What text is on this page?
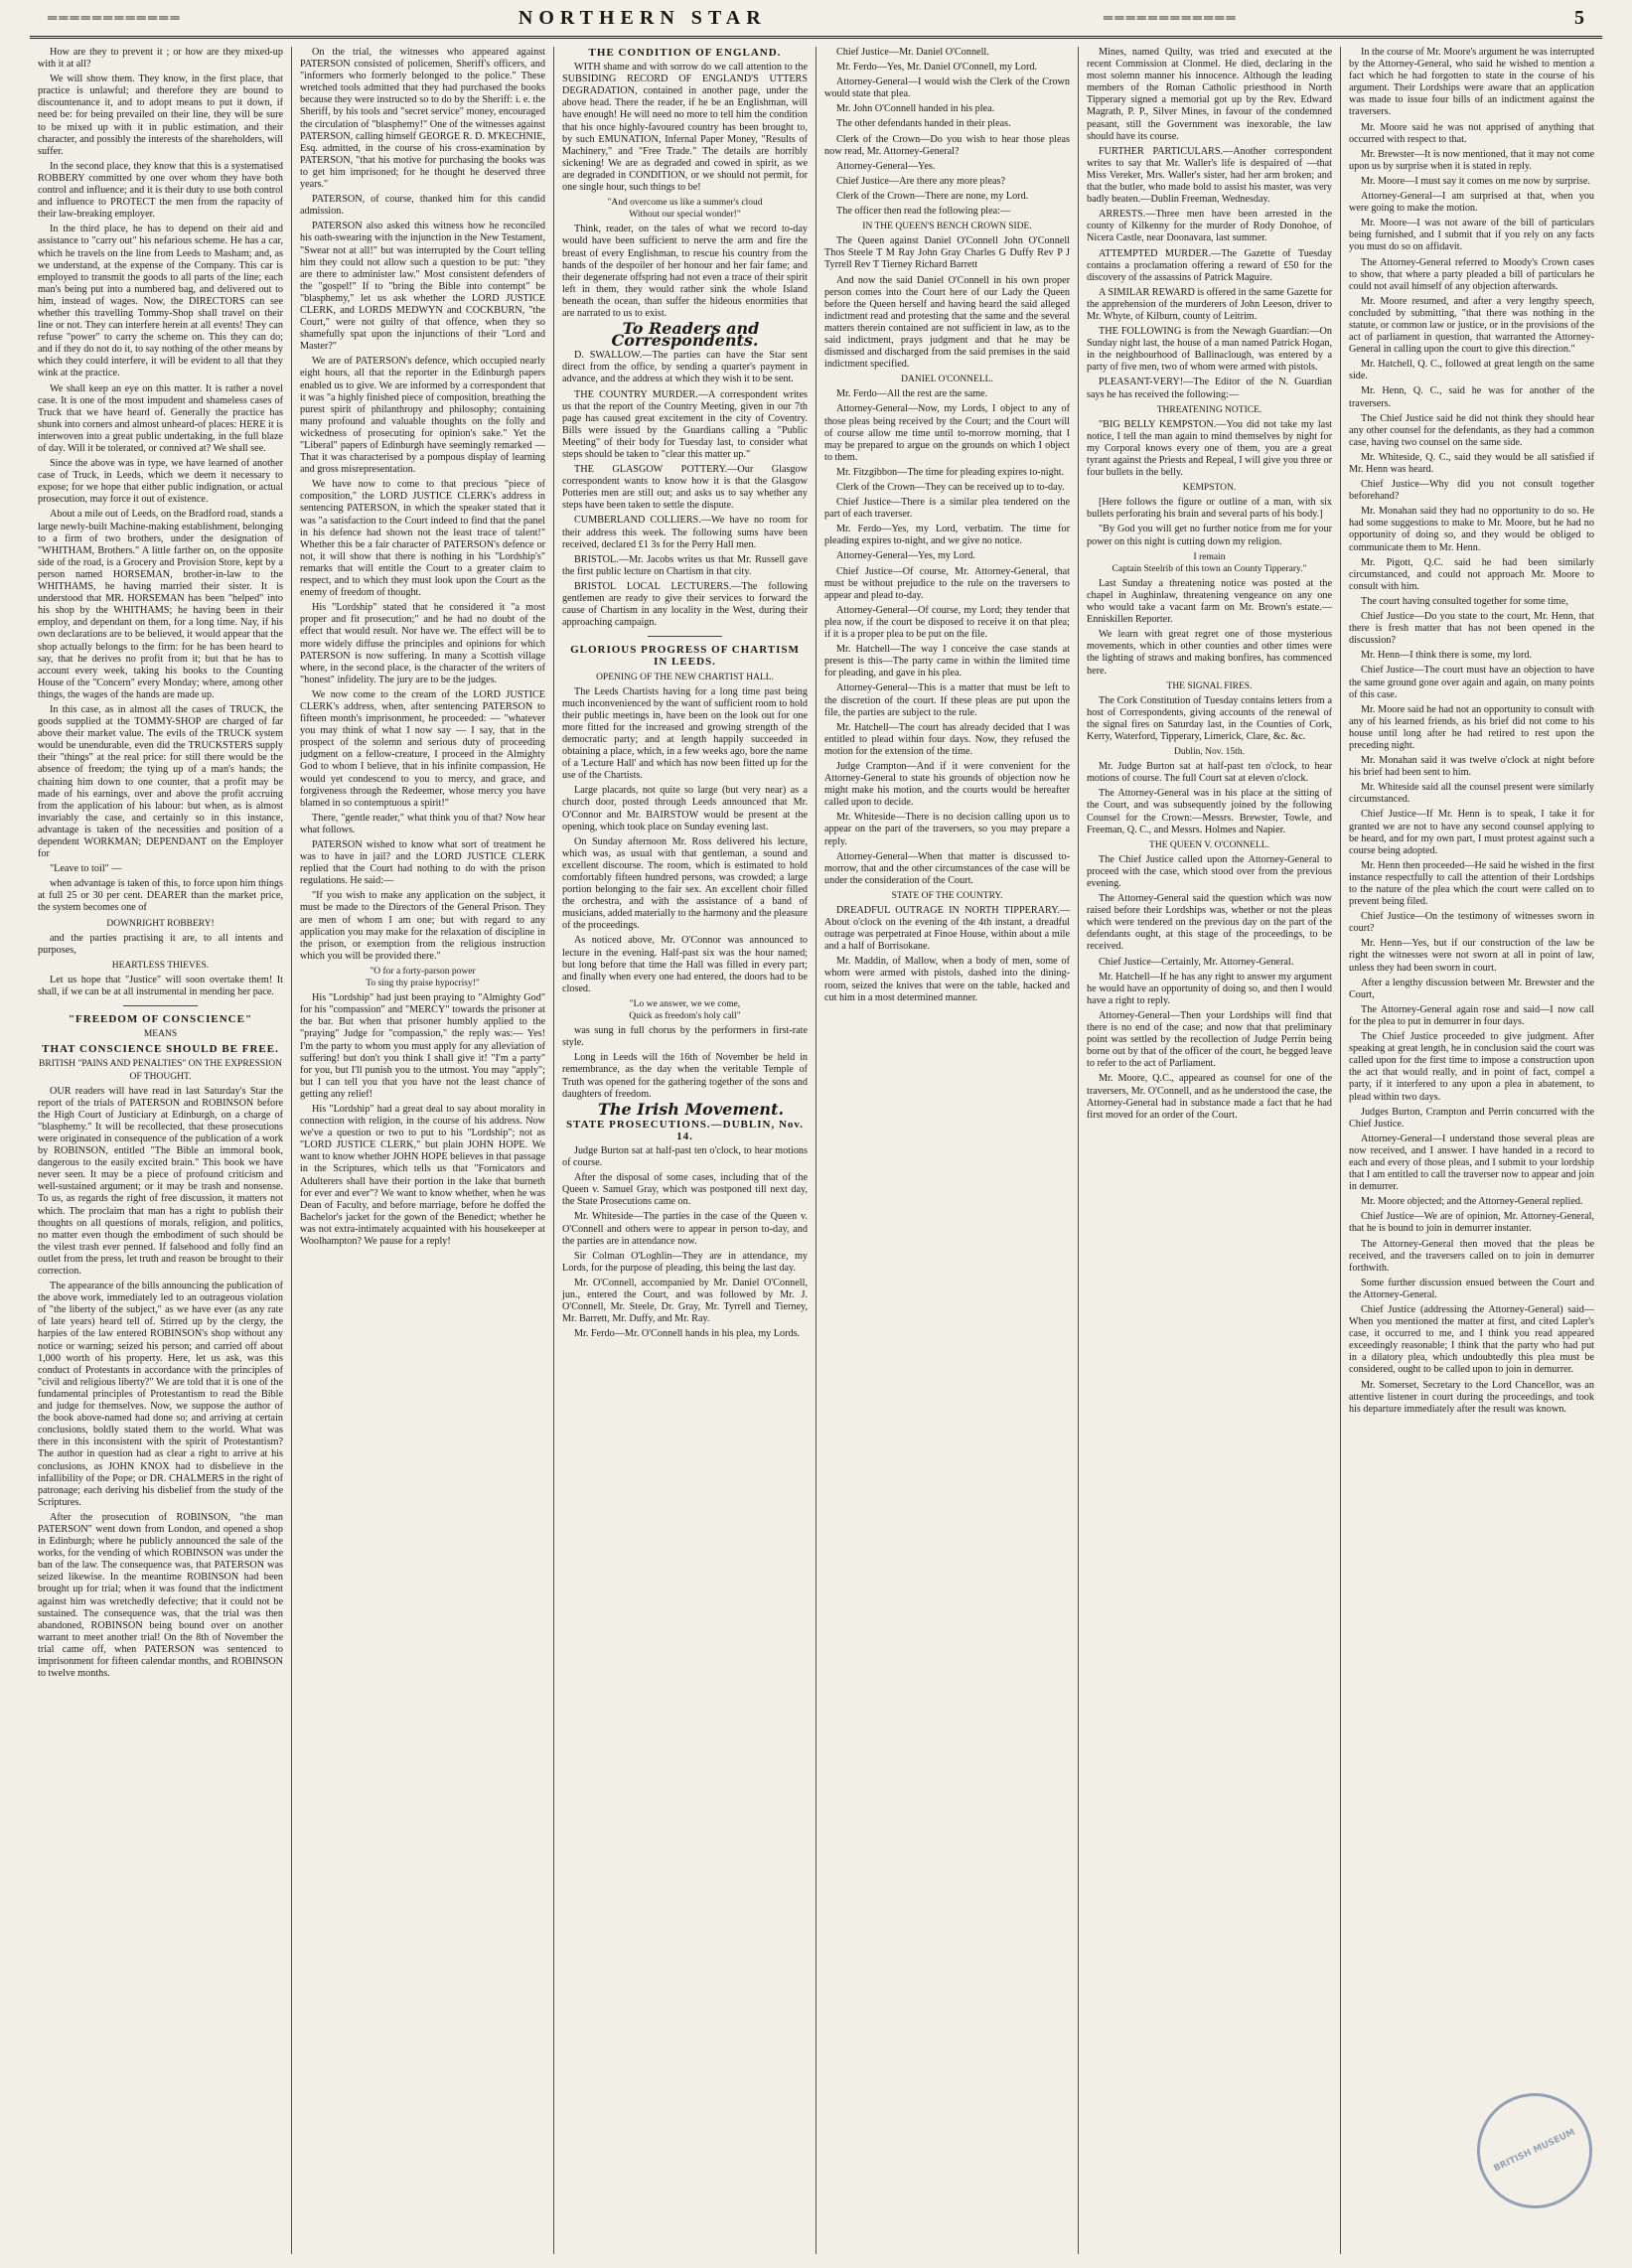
════════════	NORTHERN STAR	════════════	5

How are they to prevent it ; or how are they mixed-up with it at all?

We will show them. They know, in the first place, that practice is unlawful; and therefore they are bound to discountenance it, and to adopt means to put it down, if need be: for being prevailed on their line, they will be sure to be mixed up with it in public estimation, and their character, and possibly the interests of the shareholders, will suffer.

In the second place, they know that this is a systematised ROBBERY committed by one over whom they have both control and influence; and it is their duty to use both control and influence to PROTECT the men from the rapacity of their law-breaking employer.

In the third place, he has to depend on their aid and assistance to "carry out" his nefarious scheme. He has a car, which he travels on the line from Leeds to Masham; and, as we understand, at the expense of the Company. This car is employed to transmit the goods to all parts of the line; each man's being put into a numbered bag, and delivered out to him, instead of wages. Now, the DIRECTORS can see whether this travelling Tommy-Shop shall travel on their line or not. They can interfere herein at all events! They can refuse "power" to carry the scheme on. This they can do; and if they do not do it, to say nothing of the other means by which they could interfere, it will be evident to all that they wink at the practice.

We shall keep an eye on this matter. It is rather a novel case. It is one of the most impudent and shameless cases of Truck that we have heard of. Generally the practice has shunk into corners and almost unheard-of places: HERE it is interwoven into a great public undertaking, in the full blaze of day. Will it be tolerated, or connived at? We shall see.

Since the above was in type, we have learned of another case of Truck, in Leeds, which we deem it necessary to expose; for we hope that either public indignation, or actual prosecution, may force it out of existence.

About a mile out of Leeds, on the Bradford road, stands a large newly-built Machine-making establishment, belonging to a firm of two brothers, under the designation of "WHITHAM, Brothers." A little farther on, on the opposite side of the road, is a Grocery and Provision Store, kept by a person named HORSEMAN, brother-in-law to the WHITHAMS, he having married their sister. It is understood that MR. HORSEMAN has been "helped" into his shop by the WHITHAMS; he having been in their employ, and dependant on them, for a long time. Nay, if his own declarations are to be believed, it would appear that the shop actually belongs to the firm: for he has been heard to say, that he derives no profit from it; but that he has to account every week, taking his books to the Counting House of the "Concern" every Monday; where, among other things, the wages of the hands are made up.

In this case, as in almost all the cases of TRUCK, the goods supplied at the TOMMY-SHOP are charged of far above their market value. The evils of the TRUCK system would be unendurable, even did the TRUCKSTERS supply their "things" at the real price: for still there would be the absence of freedom; the tying up of a man's hands; the chaining him down to one counter, that a profit may be made of his earnings, over and above the profit accruing from the application of his labour: but when, as is almost invariably the case, and certainly so in this instance, advantage is taken of the necessities and position of a dependent WORKMAN; DEPENDANT on the Employer for

"Leave to toil" —

when advantage is taken of this, to force upon him things at full 25 or 30 per cent. DEARER than the market price, the system becomes one of

DOWNRIGHT ROBBERY!

and the parties practising it are, to all intents and purposes,

HEARTLESS THIEVES.

Let us hope that "Justice" will soon overtake them! It shall, if we can be at all instrumental in mending her pace.

"FREEDOM OF CONSCIENCE"

MEANS

THAT CONSCIENCE SHOULD BE FREE.

BRITISH "PAINS AND PENALTIES" ON THE EXPRESSION OF THOUGHT.

OUR readers will have read in last Saturday's Star the report of the trials of PATERSON and ROBINSON before the High Court of Justiciary at Edinburgh, on a charge of "blasphemy." It will be recollected, that these prosecutions were originated in consequence of the publication of a work by ROBINSON, entitled "The Bible an immoral book, dangerous to the easily excited brain." This book we have never seen. It may be a piece of profound criticism and well-sustained argument; or it may be trash and nonsense. To us, as regards the right of free discussion, it matters not which. The proclaim that man has a right to publish their thoughts on all questions of morals, religion, and politics, no matter even though the embodiment of such should be the vilest trash ever penned. If falsehood and folly find an outlet from the press, let truth and reason be brought to their correction.

The appearance of the bills announcing the publication of the above work, immediately led to an outrageous violation of "the liberty of the subject," as we have ever (as any rate of late years) heard tell of. Stirred up by the clergy, the harpies of the law entered ROBINSON's shop without any notice or warning; seized his person; and carried off about 1,000 worth of his property. Here, let us ask, was this conduct of Protestants in accordance with the principles of "civil and religious liberty?" We are told that it is one of the fundamental principles of Protestantism to read the Bible and judge for themselves. Now, we suppose the author of the book above-named had done so; and arriving at certain conclusions, boldly stated them to the world. What was there in this inconsistent with the spirit of Protestantism? The author in question had as clear a right to arrive at his conclusions, as JOHN KNOX had to disbelieve in the infallibility of the Pope; or DR. CHALMERS in the right of patronage; each deriving his disbelief from the study of the Scriptures.

After the prosecution of ROBINSON, "the man PATERSON" went down from London, and opened a shop in Edinburgh; where he publicly announced the sale of the works, for the vending of which ROBINSON was under the ban of the law. The consequence was, that PATERSON was seized likewise. In the meantime ROBINSON had been brought up for trial; when it was found that the indictment against him was wretchedly defective; that it could not be sustained. The consequence was, that the trial was then abandoned, ROBINSON being bound over on another warrant to meet another trial! On the 8th of November the trial came off, when PATERSON was sentenced to imprisonment for fifteen calendar months, and ROBINSON to twelve months.

On the trial, the witnesses who appeared against PATERSON consisted of policemen, Sheriff's officers, and "informers who formerly belonged to the police." These wretched tools admitted that they had purchased the books because they were instructed so to do by the Sheriff: i. e. the Sheriff, by his tools and "secret service" money, encouraged the circulation of "blasphemy!" One of the witnesses against PATERSON, calling himself GEORGE R. D. M'KECHNIE, Esq. admitted, in the course of his cross-examination by PATERSON, "that his motive for purchasing the books was to get him imprisoned; for he thought he deserved three years."

PATERSON, of course, thanked him for this candid admission.

PATERSON also asked this witness how he reconciled his oath-swearing with the injunction in the New Testament, "Swear not at all!" but was interrupted by the Court telling him they could not allow such a question to be put: "they are there to administer law." Most consistent defenders of the "gospel!" If to "bring the Bible into contempt" be "blasphemy," let us ask whether the LORD JUSTICE CLERK, and LORDS MEDWYN and COCKBURN, "the Court," were not guilty of that offence, when they so shamefully spat upon the injunctions of their "Lord and Master?"

We are of PATERSON's defence, which occupied nearly eight hours, all that the reporter in the Edinburgh papers enabled us to give. We are informed by a correspondent that it was "a highly finished piece of composition, breathing the purest spirit of philanthropy and philosophy; containing many profound and valuable thoughts on the folly and wickedness of prosecuting for opinion's sake." Yet the "Liberal" papers of Edinburgh have seemingly remarked — That it was characterised by a pompous display of learning and gross misrepresentation.

We have now to come to that precious "piece of composition," the LORD JUSTICE CLERK's address in sentencing PATERSON, in which the speaker stated that it was "a satisfaction to the Court indeed to find that the panel in his defence had shown not the least trace of talent!" Whether this be a fair character of PATERSON's defence or not, it will show that there is nothing in his "Lordship's" remarks that will entitle the Court to a greater claim to respect, and to which they must look upon the Court as the enemy of freedom of thought.

His "Lordship" stated that he considered it "a most proper and fit prosecution;" and he had no doubt of the effect that would result. Nor have we. The effect will be to more widely diffuse the principles and opinions for which PATERSON is now suffering. In many a Scottish village where, in the second place, is the character of the writers of "honest" infidelity. The jury are to be the judges.

We now come to the cream of the LORD JUSTICE CLERK's address, when, after sentencing PATERSON to fifteen month's imprisonment, he proceeded: — "whatever you may think of what I now say — I say, that in the prospect of the solemn and serious duty of proceeding judgment on a fellow-creature, I proceed in the Almighty God to whom I believe, that in his infinite compassion, He would yet condescend to you to mercy, and grace, and forgiveness through the Redeemer, whose mercy you have blamed in so contemptuous a spirit!"

There, "gentle reader," what think you of that? Now hear what follows.

PATERSON wished to know what sort of treatment he was to have in jail? and the LORD JUSTICE CLERK replied that the Court had nothing to do with the prison regulations. He said:—

"If you wish to make any application on the subject, it must be made to the Directors of the General Prison. They are men of whom I am one; but with regard to any application you may make for the relaxation of discipline in the prison, or exemption from the religious instruction which you will be provided there."

"O for a forty-parson power
To sing thy praise hypocrisy!"

His "Lordship" had just been praying to "Almighty God" for his "compassion" and "MERCY" towards the prisoner at the bar. But when that prisoner humbly applied to the "praying" Judge for "compassion," the reply was:— Yes! I'm the party to whom you must apply for any alleviation of suffering! but don't you think I shall give it! "I'm a party" for you, but I'll punish you to the utmost. You may "apply"; but I can tell you that you have not the least chance of getting any relief!

His "Lordship" had a great deal to say about morality in connection with religion, in the course of his address. Now we've a question or two to put to his "Lordship"; not as "LORD JUSTICE CLERK," but plain JOHN HOPE. We want to know whether JOHN HOPE believes in that passage in the Scriptures, which tells us that "Fornicators and Adulterers shall have their portion in the lake that burneth for ever and ever"? We want to know whether, when he was Dean of Faculty, and before marriage, before he doffed the Bachelor's jacket for the gown of the Benedict; whether he was not extra-intimately acquainted with his housekeeper at Woolhampton? We pause for a reply!

THE CONDITION OF ENGLAND.

WITH shame and with sorrow do we call attention to the SUBSIDING RECORD OF ENGLAND'S UTTERS DEGRADATION, contained in another page, under the above head. There the reader, if he be an Englishman, will have enough! He will need no more to tell him the condition that his once highly-favoured country has been brought to, by such EMUNATION, Infernal Paper Money, "Results of Machinery," and "Free Trade." The details are horribly sickening! We are as degraded and cowed in spirit, as we are degraded in CONDITION, or we should not permit, for one single hour, such things to be!

"And overcome us like a summer's cloud
Without our special wonder!"

Think, reader, on the tales of what we record to-day would have been sufficient to nerve the arm and fire the breast of every Englishman, to rescue his country from the hands of the despoiler of her honour and her fair fame; and their degenerate offspring had not even a trace of their spirit left in them, they would rather sink the whole Island beneath the ocean, than suffer the hideous enormities that are narrated to us to exist.

To Readers and Correspondents.

D. SWALLOW.—The parties can have the Star sent direct from the office, by sending a quarter's payment in advance, and the address at which they wish it to be sent.

THE COUNTRY MURDER.—A correspondent writes us that the report of the Country Meeting, given in our 7th page has caused great excitement in the city of Coventry. Bills were issued by the Guardians calling a "Public Meeting" of their body for Tuesday last, to consider what steps should be taken to "clear this matter up."

THE GLASGOW POTTERY.—Our Glasgow correspondent wants to know how it is that the Glasgow Potteries men are still out; and asks us to say whether any steps have been taken to settle the dispute.

CUMBERLAND COLLIERS.—We have no room for their address this week. The following sums have been received, declared £1 3s for the Perry Hall men.

BRISTOL.—Mr. Jacobs writes us that Mr. Russell gave the first public lecture on Chartism in that city.

BRISTOL LOCAL LECTURERS.—The following gentlemen are ready to give their services to forward the cause of Chartism in any locality in the West, during their approaching campaign.

GLORIOUS PROGRESS OF CHARTISM IN LEEDS.

OPENING OF THE NEW CHARTIST HALL.

The Leeds Chartists having for a long time past being much inconvenienced by the want of sufficient room to hold their public meetings in, have been on the look out for one more fitted for the increased and growing strength of the democratic party; and at length happily succeeded in obtaining a place, which, in a few weeks ago, bore the name of a 'Lecture Hall' and which has now been fitted up for the use of the Chartists.

Large placards, not quite so large (but very near) as a church door, posted through Leeds announced that Mr. O'Connor and Mr. BAIRSTOW would be present at the opening, which took place on Sunday evening last.

On Sunday afternoon Mr. Ross delivered his lecture, which was, as usual with that gentleman, a sound and excellent discourse. The room, which is estimated to hold comfortably fifteen hundred persons, was crowded; a large portion belonging to the fair sex. An excellent choir filled the orchestra, and with the assistance of a band of musicians, added materially to the harmony and the pleasure of the proceedings.

As noticed above, Mr. O'Connor was announced to lecture in the evening. Half-past six was the hour named; but long before that time the Hall was filled in every part; and finally when every one had entered, the doors had to be closed.

"Lo we answer, we we come,
Quick as freedom's holy call"

was sung in full chorus by the performers in first-rate style.

Long in Leeds will the 16th of November be held in remembrance, as the day when the veritable Temple of Truth was opened for the gathering together of the sons and daughters of freedom.

The Irish Movement.

STATE PROSECUTIONS.—DUBLIN, Nov. 14.

Judge Burton sat at half-past ten o'clock, to hear motions of course.

After the disposal of some cases, including that of the Queen v. Samuel Gray, which was postponed till next day, the State Prosecutions came on.

Mr. Whiteside—The parties in the case of the Queen v. O'Connell and others were to appear in person to-day, and the parties are in attendance now.

Sir Colman O'Loghlin—They are in attendance, my Lords, for the purpose of pleading, this being the last day.

Mr. O'Connell, accompanied by Mr. Daniel O'Connell, jun., entered the Court, and was followed by Mr. J. O'Connell, Mr. Steele, Dr. Gray, Mr. Tyrrell and Tierney, Mr. Barrett, Mr. Duffy, and Mr. Ray.

Mr. Ferdo—Mr. O'Connell hands in his plea, my Lords.

Chief Justice—Mr. Daniel O'Connell.

Mr. Ferdo—Yes, Mr. Daniel O'Connell, my Lord.

Attorney-General—I would wish the Clerk of the Crown would state that plea.

Mr. John O'Connell handed in his plea.

The other defendants handed in their pleas.

Clerk of the Crown—Do you wish to hear those pleas now read, Mr. Attorney-General?

Attorney-General—Yes.

Chief Justice—Are there any more pleas?

Clerk of the Crown—There are none, my Lord.

The officer then read the following plea:—

IN THE QUEEN'S BENCH CROWN SIDE.

The Queen against Daniel O'Connell John O'Connell Thos Steele T M Ray John Gray Charles G Duffy Rev P J Tyrrell Rev T Tierney Richard Barrett

And now the said Daniel O'Connell in his own proper person comes into the Court here of our Lady the Queen before the Queen herself and having heard the said alleged indictment read and protesting that the same and the several matters therein contained are not sufficient in law, as to the said indictment, prays judgment and that he may be dismissed and discharged from the said premises in the said indictment specified.

DANIEL O'CONNELL.

Mr. Ferdo—All the rest are the same.

Attorney-General—Now, my Lords, I object to any of those pleas being received by the Court; and the Court will of course allow me time until to-morrow morning, that I may be prepared to argue on the grounds on which I object to them.

Mr. Fitzgibbon—The time for pleading expires to-night.

Clerk of the Crown—They can be received up to to-day.

Chief Justice—There is a similar plea tendered on the part of each traverser.

Mr. Ferdo—Yes, my Lord, verbatim. The time for pleading expires to-night, and we give no notice.

Attorney-General—Yes, my Lord.

Chief Justice—Of course, Mr. Attorney-General, that must be without prejudice to the rule on the traversers to appear and plead to-day.

Attorney-General—Of course, my Lord; they tender that plea now, if the court be disposed to receive it on that plea; if it is a proper plea to be put on the file.

Mr. Hatchell—The way I conceive the case stands at present is this—The party came in within the limited time for pleading, and gave in his plea.

Attorney-General—This is a matter that must be left to the discretion of the court. If these pleas are put upon the file, the parties are subject to the rule.

Mr. Hatchell—The court has already decided that I was entitled to plead within four days. Now, they refused the motion for the extension of the time.

Judge Crampton—And if it were convenient for the Attorney-General to state his grounds of objection now he might make his motion, and the courts would be hereafter called upon to decide.

Mr. Whiteside—There is no decision calling upon us to appear on the part of the traversers, so you may prepare a reply.

Attorney-General—When that matter is discussed to-morrow, that and the other circumstances of the case will be under the consideration of the Court.

STATE OF THE COUNTRY.

DREADFUL OUTRAGE IN NORTH TIPPERARY.—About o'clock on the evening of the 4th instant, a dreadful outrage was perpetrated at Finoe House, within about a mile and a half of Borrisokane.

Mr. Maddin, of Mallow, when a body of men, some of whom were armed with pistols, dashed into the dining-room, seized the knives that were on the table, hacked and cut him in a most determined manner.

Mines, named Quilty, was tried and executed at the recent Commission at Clonmel. He died, declaring in the most solemn manner his innocence. Although the leading members of the Roman Catholic priesthood in North Tipperary signed a memorial got up by the Rev. Edward Magrath, P. P., Silver Mines, in favour of the condemned peasant, still the Government was inexorable, the law should have its course.

FURTHER PARTICULARS.—Another correspondent writes to say that Mr. Waller's life is despaired of —that Miss Vereker, Mrs. Waller's sister, had her arm broken; and that the butler, who made bold to assist his master, was very badly beaten.—Dublin Freeman, Wednesday.

ARRESTS.—Three men have been arrested in the county of Kilkenny for the murder of Rody Donohoe, of Nicera Castle, near Doonavara, last summer.

ATTEMPTED MURDER.—The Gazette of Tuesday contains a proclamation offering a reward of £50 for the discovery of the assassins of Patrick Maguire.

A SIMILAR REWARD is offered in the same Gazette for the apprehension of the murderers of John Leeson, driver to Mr. Whyte, of Kilburn, county of Leitrim.

THE FOLLOWING is from the Newagh Guardian:—On Sunday night last, the house of a man named Patrick Hogan, in the neighbourhood of Ballinaclough, was entered by a party of five men, two of whom were armed with pistols.

PLEASANT-VERY!—The Editor of the N. Guardian says he has received the following:—

THREATENING NOTICE.

"BIG BELLY KEMPSTON.—You did not take my last notice, I tell the man again to mind themselves by night for my Corporal knows every one of them, you are a great tyrant against the Priests and Repeal, I will give you three or four bullets in the belly.

KEMPSTON.

[Here follows the figure or outline of a man, with six bullets perforating his brain and several parts of his body.]

"By God you will get no further notice from me for your power on this night is cutting down my religion.

I remain
Captain Steelrib of this town an County Tipperary."

Last Sunday a threatening notice was posted at the chapel in Aughinlaw, threatening vengeance on any one who would take a vacant farm on Mr. Brown's estate.—Enniskillen Reporter.

We learn with great regret one of those mysterious movements, which in other counties and other times were the lighting of straws and making bonfires, has commenced here.

THE SIGNAL FIRES.

The Cork Constitution of Tuesday contains letters from a host of Correspondents, giving accounts of the renewal of the signal fires on Saturday last, in the Counties of Cork, Kerry, Waterford, Tipperary, Limerick, Clare, &c. &c.

Dublin, Nov. 15th.

Mr. Judge Burton sat at half-past ten o'clock, to hear motions of course. The full Court sat at eleven o'clock.

The Attorney-General was in his place at the sitting of the Court, and was subsequently joined by the following Counsel for the Crown:—Messrs. Brewster, Towle, and Freeman, Q. C., and Messrs. Holmes and Napier.

THE QUEEN V. O'CONNELL.

The Chief Justice called upon the Attorney-General to proceed with the case, which stood over from the previous evening.

The Attorney-General said the question which was now raised before their Lordships was, whether or not the pleas which were tendered on the previous day on the part of the defendants ought, at this stage of the proceedings, to be received.

Chief Justice—Certainly, Mr. Attorney-General.

Mr. Hatchell—If he has any right to answer my argument he would have an opportunity of doing so, and then I would have a right to reply.

Attorney-General—Then your Lordships will find that there is no end of the case; and now that that preliminary point was settled by the recollection of Judge Perrin being borne out by that of the officer of the court, he begged leave to refer to the act of Parliament.

Mr. Moore, Q.C., appeared as counsel for one of the traversers, Mr. O'Connell, and as he understood the case, the Attorney-General had in substance made a fact that he had first moved for an order of the Court.

In the course of Mr. Moore's argument he was interrupted by the Attorney-General, who said he wished to mention a fact which he had forgotten to state in the course of his argument. Their Lordships were aware that an application was made to issue four bills of an indictment against the traversers.

Mr. Moore said he was not apprised of anything that occurred with respect to that.

Mr. Brewster—It is now mentioned, that it may not come upon us by surprise when it is stated in reply.

Mr. Moore—I must say it comes on me now by surprise.

Attorney-General—I am surprised at that, when you were going to make the motion.

Mr. Moore—I was not aware of the bill of particulars being furnished, and I submit that if you rely on any facts you must do so on affidavit.

The Attorney-General referred to Moody's Crown cases to show, that where a party pleaded a bill of particulars he could not avail himself of any objection afterwards.

Mr. Moore resumed, and after a very lengthy speech, concluded by submitting, "that there was nothing in the statute, or common law or justice, or in the provisions of the act of parliament in question, that warranted the Attorney-General in calling upon the court to give this direction."

Mr. Hatchell, Q. C., followed at great length on the same side.

Mr. Henn, Q. C., said he was for another of the traversers.

The Chief Justice said he did not think they should hear any other counsel for the defendants, as they had a common case, having two counsel on the same side.

Mr. Whiteside, Q. C., said they would be all satisfied if Mr. Henn was heard.

Chief Justice—Why did you not consult together beforehand?

Mr. Monahan said they had no opportunity to do so. He had some suggestions to make to Mr. Moore, but he had no opportunity of doing so, and they would be obliged to communicate them to Mr. Henn.

Mr. Pigott, Q.C. said he had been similarly circumstanced, and could not approach Mr. Moore to consult with him.

The court having consulted together for some time,

Chief Justice—Do you state to the court, Mr. Henn, that there is fresh matter that has not been opened in the discussion?

Mr. Henn—I think there is some, my lord.

Chief Justice—The court must have an objection to have the same ground gone over again and again, on many points of this case.

Mr. Moore said he had not an opportunity to consult with any of his learned friends, as his brief did not come to his house until long after he had retired to rest upon the preceding night.

Mr. Monahan said it was twelve o'clock at night before his brief had been sent to him.

Mr. Whiteside said all the counsel present were similarly circumstanced.

Chief Justice—If Mr. Henn is to speak, I take it for granted we are not to have any second counsel applying to be heard, and for my own part, I must protest against such a course being adopted.

Mr. Henn then proceeded—He said he wished in the first instance respectfully to call the attention of their Lordships to the nature of the plea which the court were called on to prevent being filed.

Chief Justice—On the testimony of witnesses sworn in court?

Mr. Henn—Yes, but if our construction of the law be right the witnesses were not sworn at all in point of law, unless they had been sworn in court.

After a lengthy discussion between Mr. Brewster and the Court,

The Attorney-General again rose and said—I now call for the plea to put in demurrer in four days.

The Chief Justice proceeded to give judgment. After speaking at great length, he in conclusion said the court was called upon for the first time to impose a construction upon the act that would really, and in point of fact, compel a party, if it interfered to any upon a plea in abatement, to plead within two days.

Judges Burton, Crampton and Perrin concurred with the Chief Justice.

Attorney-General—I understand those several pleas are now received, and I answer. I have handed in a record to each and every of those pleas, and I submit to your lordship that I am entitled to call the traverser now to appear and join in demurrer.

Mr. Moore objected; and the Attorney-General replied.

Chief Justice—We are of opinion, Mr. Attorney-General, that he is bound to join in demurrer instanter.

The Attorney-General then moved that the pleas be received, and the traversers called on to join in demurrer forthwith.

Some further discussion ensued between the Court and the Attorney-General.

Chief Justice (addressing the Attorney-General) said—When you mentioned the matter at first, and cited Lapler's case, it occurred to me, and I think you read appeared exceedingly reasonable; I think that the party who had put in a dilatory plea, which undoubtedly this plea must be considered, ought to be called upon to join in demurrer.

Mr. Somerset, Secretary to the Lord Chancellor, was an attentive listener in court during the proceedings, and took his departure immediately after the result was known.

BRITISH MUSEUM
